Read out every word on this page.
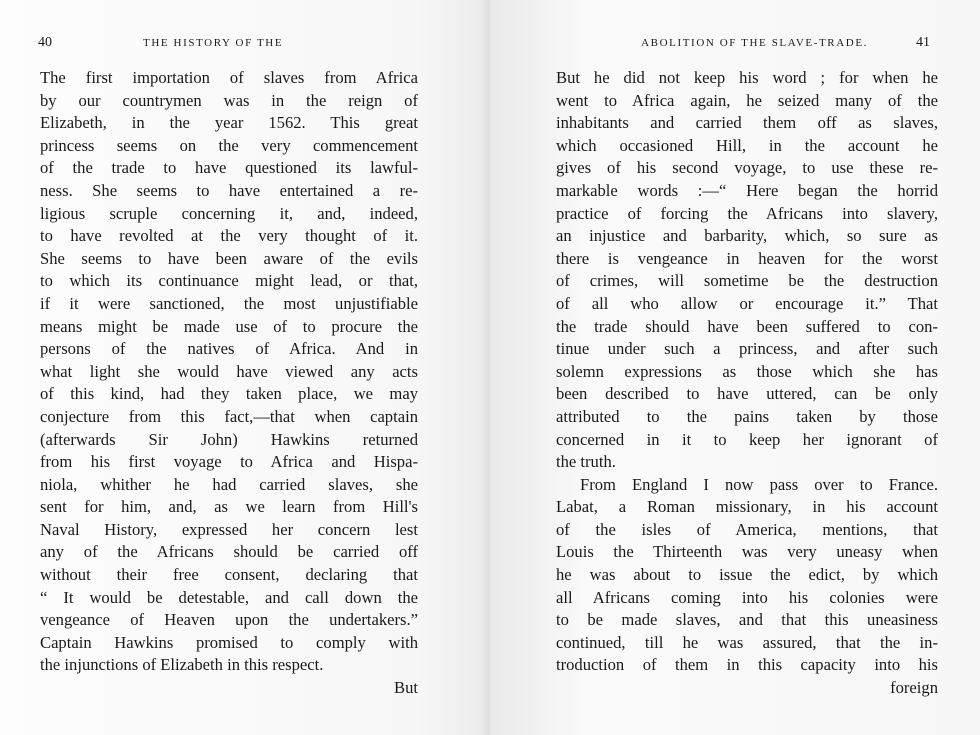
40	THE HISTORY OF THE
The first importation of slaves from Africa
by our countrymen was in the reign of
Elizabeth, in the year 1562. This great
princess seems on the very commencement
of the trade to have questioned its lawful-
ness. She seems to have entertained a re-
ligious scruple concerning it, and, indeed,
to have revolted at the very thought of it.
She seems to have been aware of the evils
to which its continuance might lead, or that,
if it were sanctioned, the most unjustifiable
means might be made use of to procure the
persons of the natives of Africa. And in
what light she would have viewed any acts
of this kind, had they taken place, we may
conjecture from this fact,—that when captain
(afterwards Sir John) Hawkins returned
from his first voyage to Africa and Hispa-
niola, whither he had carried slaves, she
sent for him, and, as we learn from Hill's
Naval History, expressed her concern lest
any of the Africans should be carried off
without their free consent, declaring that
“ It would be detestable, and call down the
vengeance of Heaven upon the undertakers.”
Captain Hawkins promised to comply with
the injunctions of Elizabeth in this respect.
But
ABOLITION OF THE SLAVE-TRADE.	41
But he did not keep his word ; for when he
went to Africa again, he seized many of the
inhabitants and carried them off as slaves,
which occasioned Hill, in the account he
gives of his second voyage, to use these re-
markable words :—“ Here began the horrid
practice of forcing the Africans into slavery,
an injustice and barbarity, which, so sure as
there is vengeance in heaven for the worst
of crimes, will sometime be the destruction
of all who allow or encourage it.” That
the trade should have been suffered to con-
tinue under such a princess, and after such
solemn expressions as those which she has
been described to have uttered, can be only
attributed to the pains taken by those
concerned in it to keep her ignorant of
the truth.
From England I now pass over to France.
Labat, a Roman missionary, in his account
of the isles of America, mentions, that
Louis the Thirteenth was very uneasy when
he was about to issue the edict, by which
all Africans coming into his colonies were
to be made slaves, and that this uneasiness
continued, till he was assured, that the in-
troduction of them in this capacity into his
foreign
